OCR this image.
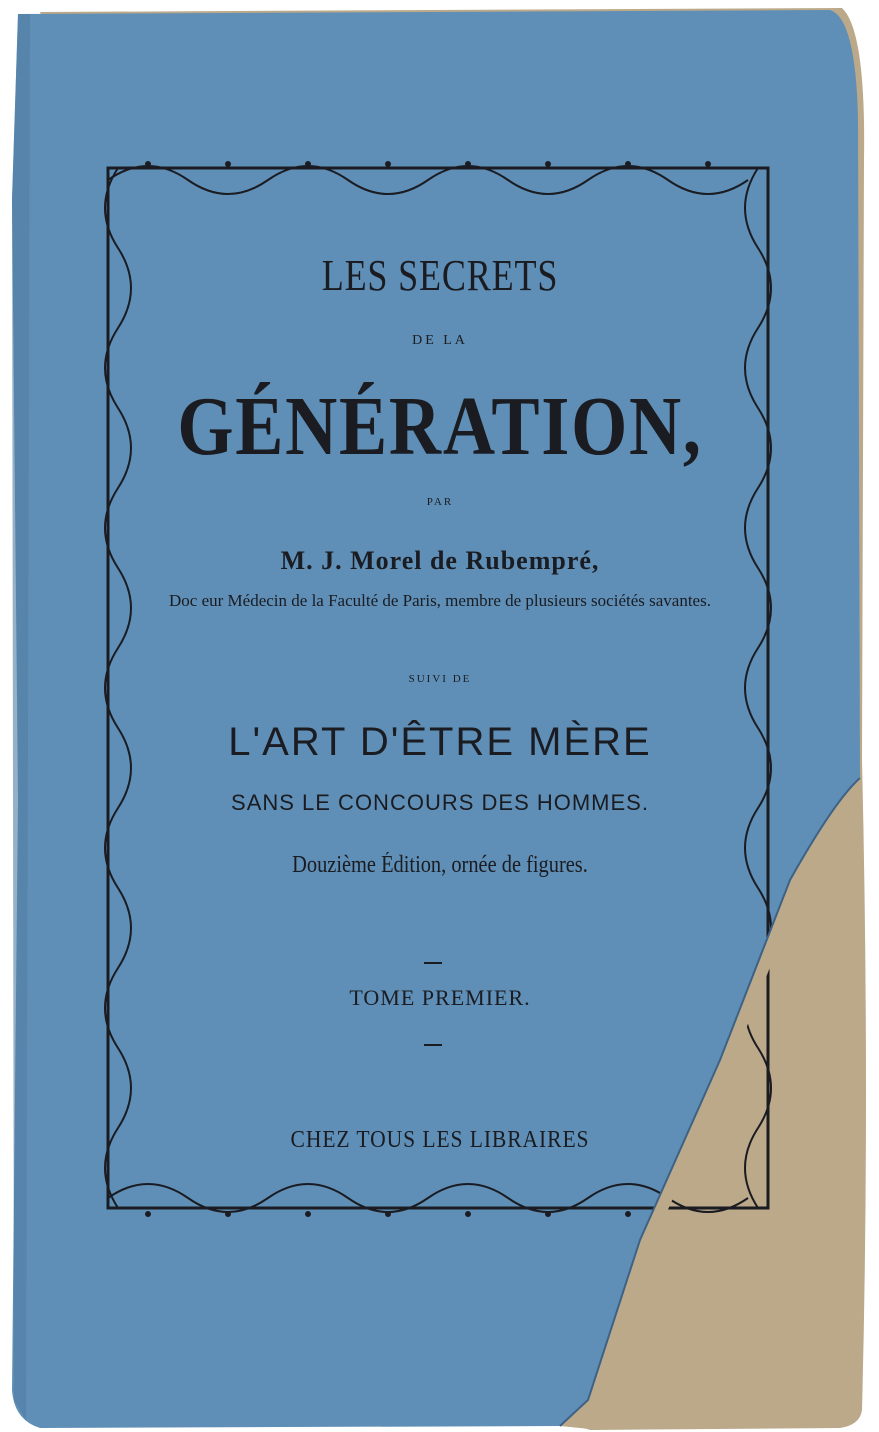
LES SECRETS
DE LA
GÉNÉRATION,
PAR
M. J. Morel de Rubempré,
Doc eur Médecin de la Faculté de Paris, membre de plusieurs sociétés savantes.
SUIVI DE
L'ART D'ÊTRE MÈRE
SANS LE CONCOURS DES HOMMES.
Douzième Édition, ornée de figures.
TOME PREMIER.
CHEZ TOUS LES LIBRAIRES
